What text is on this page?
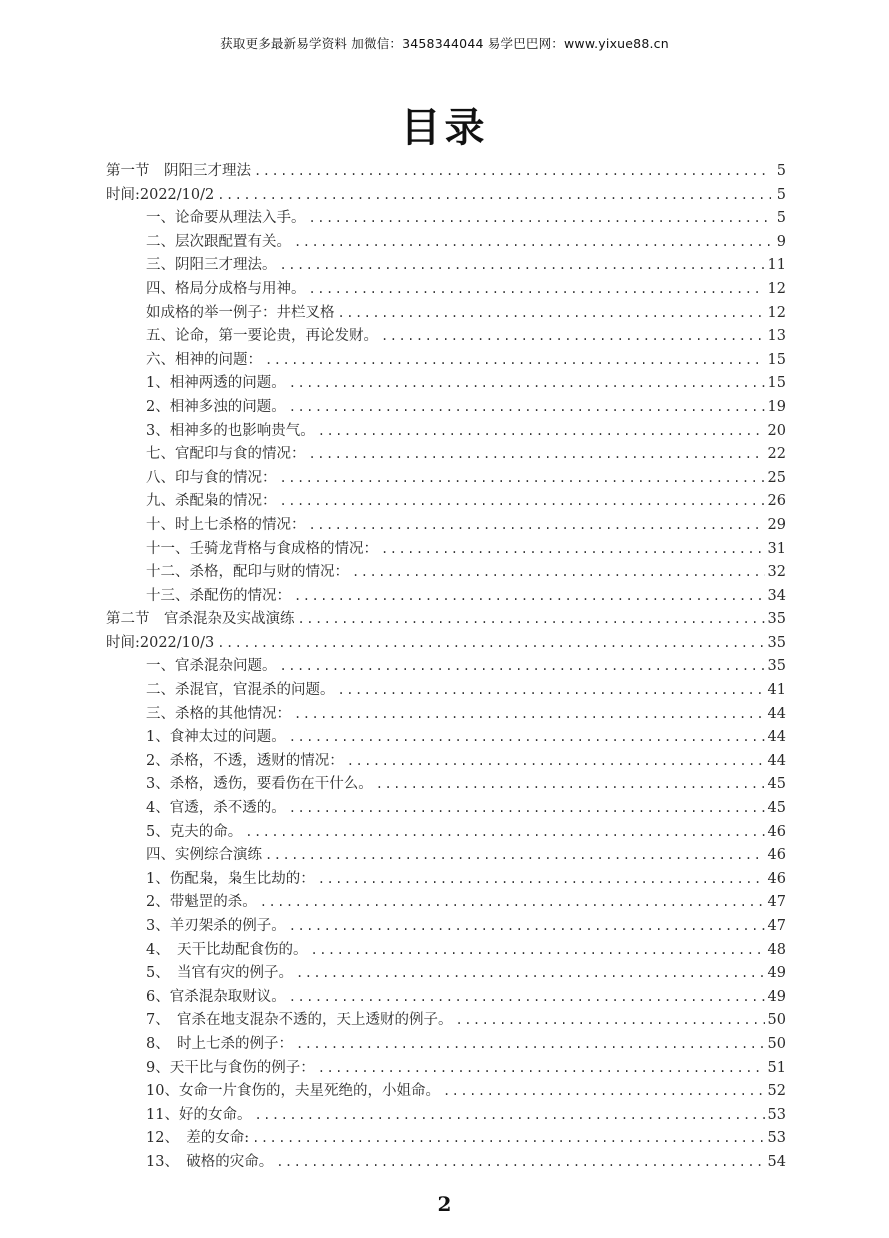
获取更多最新易学资料 加微信：3458344044 易学巴巴网：www.yixue88.cn
目录
第一节　阴阳三才理法 .....	5
时间:2022/10/2 .....	5
一、论命要从理法入手。 .....	5
二、层次跟配置有关。 .....	9
三、阴阳三才理法。 .....	11
四、格局分成格与用神。 .....	12
如成格的举一例子：井栏叉格 .....	12
五、论命，第一要论贵，再论发财。 .....	13
六、相神的问题： .....	15
1、相神两透的问题。 .....	15
2、相神多浊的问题。 .....	19
3、相神多的也影响贵气。 .....	20
七、官配印与食的情况： .....	22
八、印与食的情况： .....	25
九、杀配枭的情况： .....	26
十、时上七杀格的情况： .....	29
十一、壬骑龙背格与食成格的情况： .....	31
十二、杀格，配印与财的情况： .....	32
十三、杀配伤的情况： .....	34
第二节　官杀混杂及实战演练 .....	35
时间:2022/10/3 .....	35
一、官杀混杂问题。 .....	35
二、杀混官，官混杀的问题。 .....	41
三、杀格的其他情况： .....	44
1、食神太过的问题。 .....	44
2、杀格，不透，透财的情况： .....	44
3、杀格，透伤，要看伤在干什么。 .....	45
4、官透，杀不透的。 .....	45
5、克夫的命。 .....	46
四、实例综合演练 .....	46
1、伤配枭，枭生比劫的： .....	46
2、带魁罡的杀。 .....	47
3、羊刃架杀的例子。 .....	47
4、　天干比劫配食伤的。 .....	48
5、　当官有灾的例子。 .....	49
6、官杀混杂取财议。 .....	49
7、　官杀在地支混杂不透的，天上透财的例子。 .....	50
8、　时上七杀的例子： .....	50
9、天干比与食伤的例子： .....	51
10、女命一片食伤的，夫星死绝的，小姐命。 .....	52
11、好的女命。 .....	53
12、　差的女命: .....	53
13、　破格的灾命。 .....	54
2
